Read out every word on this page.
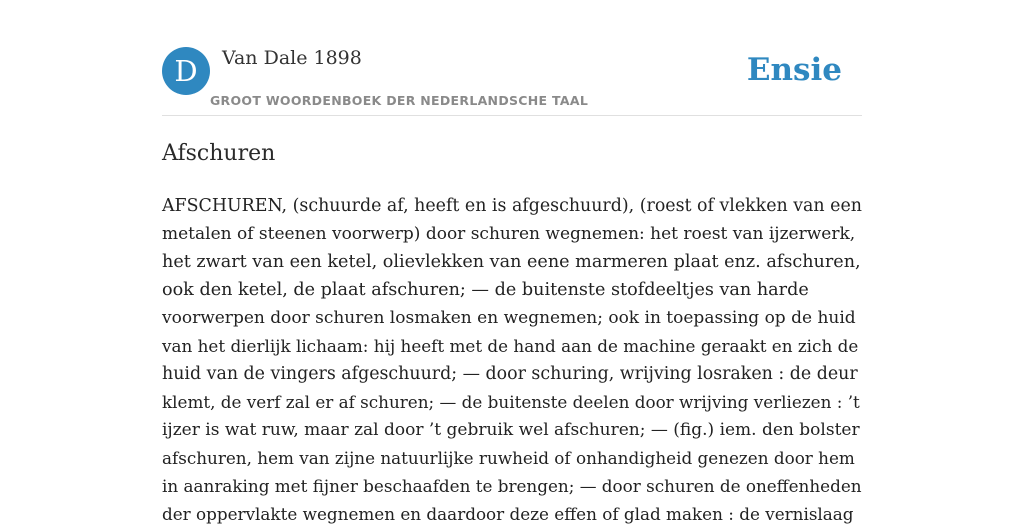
D	Van Dale 1898
GROOT WOORDENBOEK DER NEDERLANDSCHE TAAL
Ensie
Afschuren
AFSCHUREN, (schuurde af, heeft en is afgeschuurd), (roest of vlekken van een
metalen of steenen voorwerp) door schuren wegnemen: het roest van ijzerwerk,
het zwart van een ketel, olievlekken van eene marmeren plaat enz. afschuren,
ook den ketel, de plaat afschuren; — de buitenste stofdeeltjes van harde
voorwerpen door schuren losmaken en wegnemen; ook in toepassing op de huid
van het dierlijk lichaam: hij heeft met de hand aan de machine geraakt en zich de
huid van de vingers afgeschuurd; — door schuring, wrijving losraken : de deur
klemt, de verf zal er af schuren; — de buitenste deelen door wrijving verliezen : ’t
ijzer is wat ruw, maar zal door ’t gebruik wel afschuren; — (fig.) iem. den bolster
afschuren, hem van zijne natuurlijke ruwheid of onhandigheid genezen door hem
in aanraking met fijner beschaafden te brengen; — door schuren de oneffenheden
der oppervlakte wegnemen en daardoor deze effen of glad maken : de vernislaag
